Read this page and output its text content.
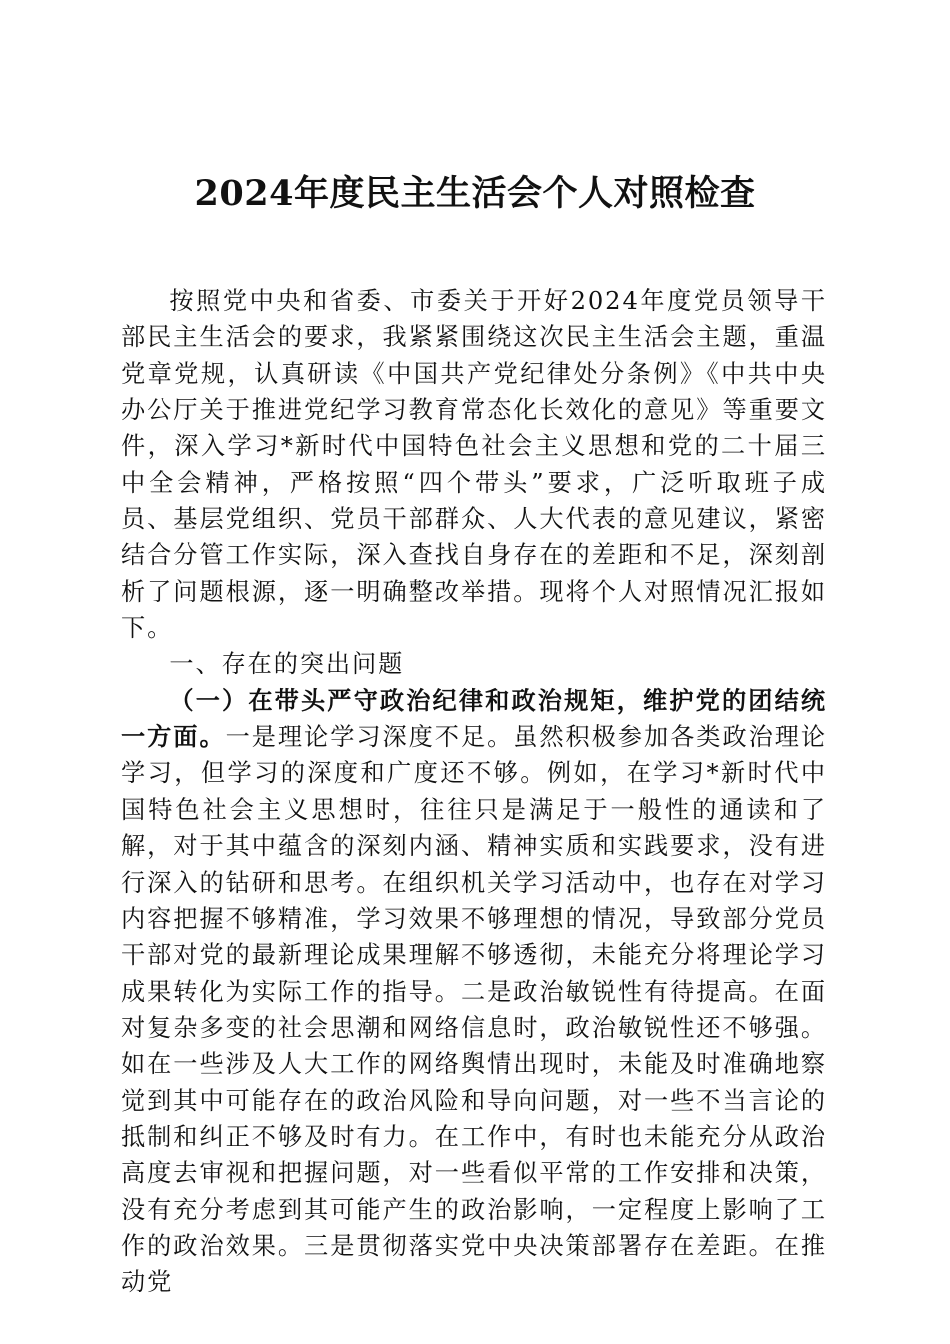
2024年度民主生活会个人对照检查

按照党中央和省委、市委关于开好2024年度党员领导干部民主生活会的要求，我紧紧围绕这次民主生活会主题，重温党章党规，认真研读《中国共产党纪律处分条例》《中共中央办公厅关于推进党纪学习教育常态化长效化的意见》等重要文件，深入学习*新时代中国特色社会主义思想和党的二十届三中全会精神，严格按照“四个带头”要求，广泛听取班子成员、基层党组织、党员干部群众、人大代表的意见建议，紧密结合分管工作实际，深入查找自身存在的差距和不足，深刻剖析了问题根源，逐一明确整改举措。现将个人对照情况汇报如下。

一、存在的突出问题

（一）在带头严守政治纪律和政治规矩，维护党的团结统一方面。一是理论学习深度不足。虽然积极参加各类政治理论学习，但学习的深度和广度还不够。例如，在学习*新时代中国特色社会主义思想时，往往只是满足于一般性的通读和了解，对于其中蕴含的深刻内涵、精神实质和实践要求，没有进行深入的钻研和思考。在组织机关学习活动中，也存在对学习内容把握不够精准，学习效果不够理想的情况，导致部分党员干部对党的最新理论成果理解不够透彻，未能充分将理论学习成果转化为实际工作的指导。二是政治敏锐性有待提高。在面对复杂多变的社会思潮和网络信息时，政治敏锐性还不够强。如在一些涉及人大工作的网络舆情出现时，未能及时准确地察觉到其中可能存在的政治风险和导向问题，对一些不当言论的抵制和纠正不够及时有力。在工作中，有时也未能充分从政治高度去审视和把握问题，对一些看似平常的工作安排和决策，没有充分考虑到其可能产生的政治影响，一定程度上影响了工作的政治效果。三是贯彻落实党中央决策部署存在差距。在推动党
